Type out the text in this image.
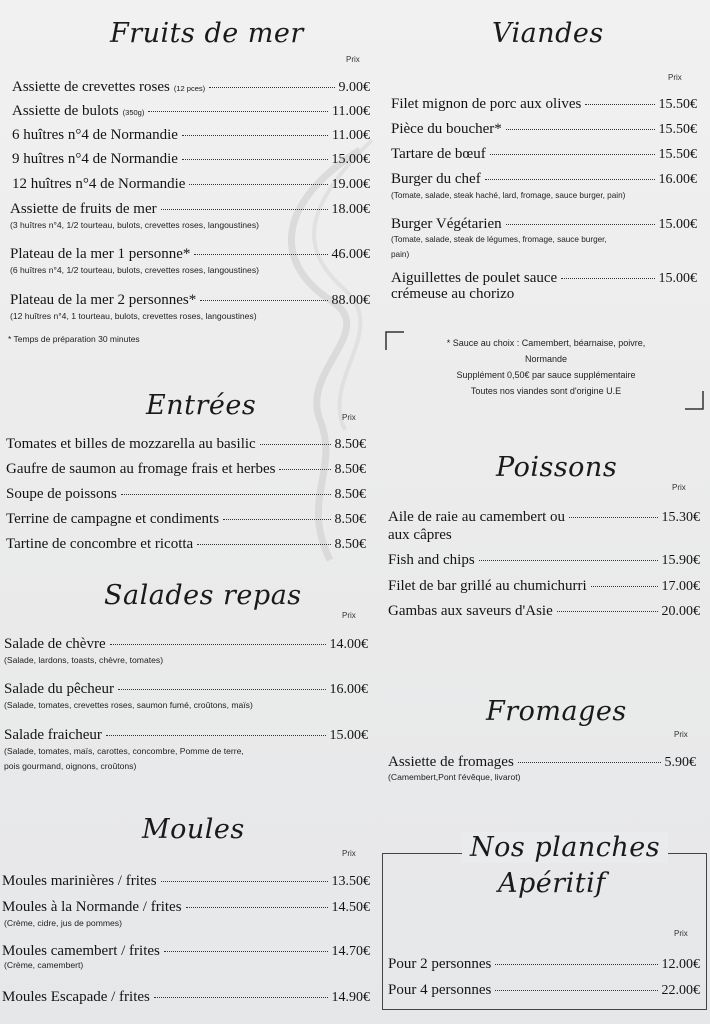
Fruits de mer
Prix
Assiette de crevettes roses (12 pces)	9.00€
Assiette de bulots (350g)	11.00€
6 huîtres n°4 de Normandie	11.00€
9 huîtres n°4 de Normandie	15.00€
12 huîtres n°4 de Normandie	19.00€
Assiette de fruits de mer	18.00€
(3 huîtres n°4, 1/2 tourteau, bulots, crevettes roses, langoustines)
Plateau de la mer 1 personne*	46.00€
(6 huîtres n°4, 1/2 tourteau, bulots, crevettes roses, langoustines)
Plateau de la mer 2 personnes*	88.00€
(12 huîtres n°4, 1 tourteau, bulots, crevettes roses, langoustines)
* Temps de préparation 30 minutes
Entrées	Prix
Tomates et billes de mozzarella au basilic	8.50€
Gaufre de saumon au fromage frais et herbes	8.50€
Soupe de poissons	8.50€
Terrine de campagne et condiments	8.50€
Tartine de concombre et ricotta	8.50€
Salades repas
Prix
Salade de chèvre	14.00€
(Salade, lardons, toasts, chèvre, tomates)
Salade du pêcheur	16.00€
(Salade, tomates, crevettes roses, saumon fumé, croûtons, maïs)
Salade fraicheur	15.00€
(Salade, tomates, maïs, carottes, concombre, Pomme de terre,
pois gourmand, oignons, croûtons)
Moules
Prix
Moules marinières / frites	13.50€
Moules à la Normande / frites	14.50€
(Crème, cidre, jus de pommes)
Moules camembert / frites	14.70€
(Crème, camembert)
Moules Escapade / frites	14.90€
Viandes
Prix
Filet mignon de porc aux olives	15.50€
Pièce du boucher*	15.50€
Tartare de bœuf	15.50€
Burger du chef	16.00€
(Tomate, salade, steak haché, lard, fromage, sauce burger, pain)
Burger Végétarien	15.00€
(Tomate, salade, steak de légumes, fromage, sauce burger,
pain)
Aiguillettes de poulet sauce	15.00€
crémeuse au chorizo
* Sauce au choix : Camembert, béarnaise, poivre,
Normande
Supplément 0,50€ par sauce supplémentaire
Toutes nos viandes sont d'origine U.E
Poissons
Prix
Aile de raie au camembert ou	15.30€
aux câpres
Fish and chips	15.90€
Filet de bar grillé au chumichurri	17.00€
Gambas aux saveurs d'Asie	20.00€
Fromages
Prix
Assiette de fromages	5.90€
(Camembert,Pont l'évêque, livarot)
Nos planches
Apéritif
Prix
Pour 2 personnes	12.00€
Pour 4 personnes	22.00€
